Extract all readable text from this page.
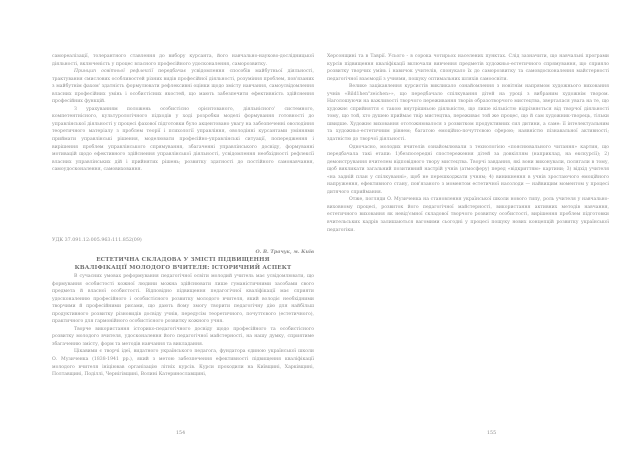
самореалізації, толерантного ставлення до вибору курсанта, його навчально-науково-дослідницької діяльності, включеність у процес власного професійного удосконалення, саморозвитку.

Принцип освітньої рефлексії передбачає усвідомлення способів майбутньої діяльності, трактування смислових особливостей різних видів професійної діяльності, розуміння проблем, пов'язаних з майбутнім фахом' здатність формулювати рефлексивні оцінки щодо змісту навчання, самоусвідомлення власних професійних умінь і особистісних якостей, що мають забезпечити ефективність здійснення професійних функцій.

З урахуванням положень особистісно орієнтованого, діяльнісного' системного, компетентнісного, культурологічного підходів у ході розробки моделі формування готовності до управлінської діяльності у процесі фахової підготовки було акцентовано увагу на забезпеченні оволодіння теоретичного матеріалу з проблем теорії і психології управління, оволодінні курсантами уміннями приймати управлінські рішення, моделювати професійно-управлінські ситуації, попередження і вирішення проблем управлінського спрямування, збагаченні управлінського досвіду, формуванні мотивацій щодо ефективного здійснення управлінської діяльності, усвідомлення необхідності рефлексії власних управлінських дій і прийнятих рішень; розвитку здатності до постійного самонавчання, самоудосконалення, самовиховання.

УДК 37.091.12:005.963:111.852(09)
О. В. Трачук, м. Київ
ЕСТЕТИЧНА СКЛАДОВА У ЗМІСТІ ПІДВИЩЕННЯ
КВАЛІФІКАЦІЇ МОЛОДОГО ВЧИТЕЛЯ: ІСТОРИЧНИЙ АСПЕКТ

В сучасних умовах реформування педагогічної освіти молодий учитель має усвідомлювати, що формування особистості кожної людини можна здійснювати лише гуманістичними засобами свого предмета й власної особистості. Відповідно підвищення педагогічної кваліфікації має сприяти удосконаленню професійного і особистісного розвитку молодого вчителя, який володіє необхідними творчими й професійними рисами, що дають йому змогу творити педагогічну дію для найбільш продуктивного розвитку різновидів досвіду учнів, передусім теоретичного, почуттєвого (естетичного), практичного для гармонійного особистісного розвитку кожного учня.

Творче використання історико-педагогічного досвіду щодо професійного та особистісного розвитку молодого вчителя, удосконалення його педагогічної майстерності, на нашу думку, сприятиме збагаченню змісту, форм та методів навчання та викладання.

Цікавими є творчі ідеї, видатного українського педагога, фундатора єдиною української школи О. Музиченка (1838-1941 рр.), який з метою забезпечення ефективності підвищення кваліфікації молодого вчителя ініціював організацію літніх курсів. Курси проходили на Київщині, Харківщині, Полтавщині, Поділлі, Чернігівщині, Волині Катеринославщині,

154

Херсонщині та в Таврії. Усього - в сорока чотирьох населених пунктах. Слід зазначити, що навчальні програми курсів підвищення кваліфікації включали вивчення предметів художньо-естетичного спрямування, що сприяло розвитку творчих умінь і навичок учителів, спонукало їх до саморозвитку та самовдосконалення майстерності педагогічної взаємодії з учнями, пошуку оптимальних шляхів самоосвіти.

Велике зацікавлення курсистів викликало ознайомлення з новітнім напрямом художнього виховання учнів «Bild1hen"zeichen»», що передбачало спілкування дітей на уроці з вибраним художнім твором. Наголошуючи на важливості творчого переживання творів образотворчого мистецтва, зверталася увага на те, що художнє сприйняття є такою внутрішньою діяльністю, що лише кількістю відрізняється від творчої діяльності тому, що той, хто душею приймає твір мистецтва, переживає той же процес, що й сам художник-творець, тільки швидше. Художнє виховання ототожнювалося з розвитком продуктивних сил дитини, а саме: її інтелектуальним та художньо-естетичним рівнем; багатою емоційно-почуттєвою сферою; наявністю пізнавальної активності; здатністю до творчої діяльності.

Одночасно, молодих вчителів ознайомлювали з технологією «пояснювального читання» картин, що передбачала такі етапи: 1)безпосередні спостереження дітей за довкіллям (наприклад, на екскурсії); 2) демонстрування вчителем відповідного твору мистецтва. Творчі завдання, які вони виконували, полягали в тому, щоб викликати загальний позитивний настрій учнів (атмосферу) перед «відкриттям» картини; 3) відхід учителя «на задній план у спілкуванні», щоб не перешкоджати учням; 4) виникнення в учнів зростаючого емоційного напруження, ефективного стану, пов'язаного з моментом естетичної насолоди — найвищим моментом у процесі дитячого сприймання.

Отже, погляди О. Музиченка на становлення української школи нового типу, роль учителя у навчально-виховному процесі, розвиток його педагогічної майстерності, використання активних методів навчання, естетичного виховання як невід'ємної складової творчого розвитку особистості, вирішення проблем підготовки вчительських кадрів залишаються вагомими сьогодні у процесі пошуку нових концепцій розвитку української педагогіки.

155
